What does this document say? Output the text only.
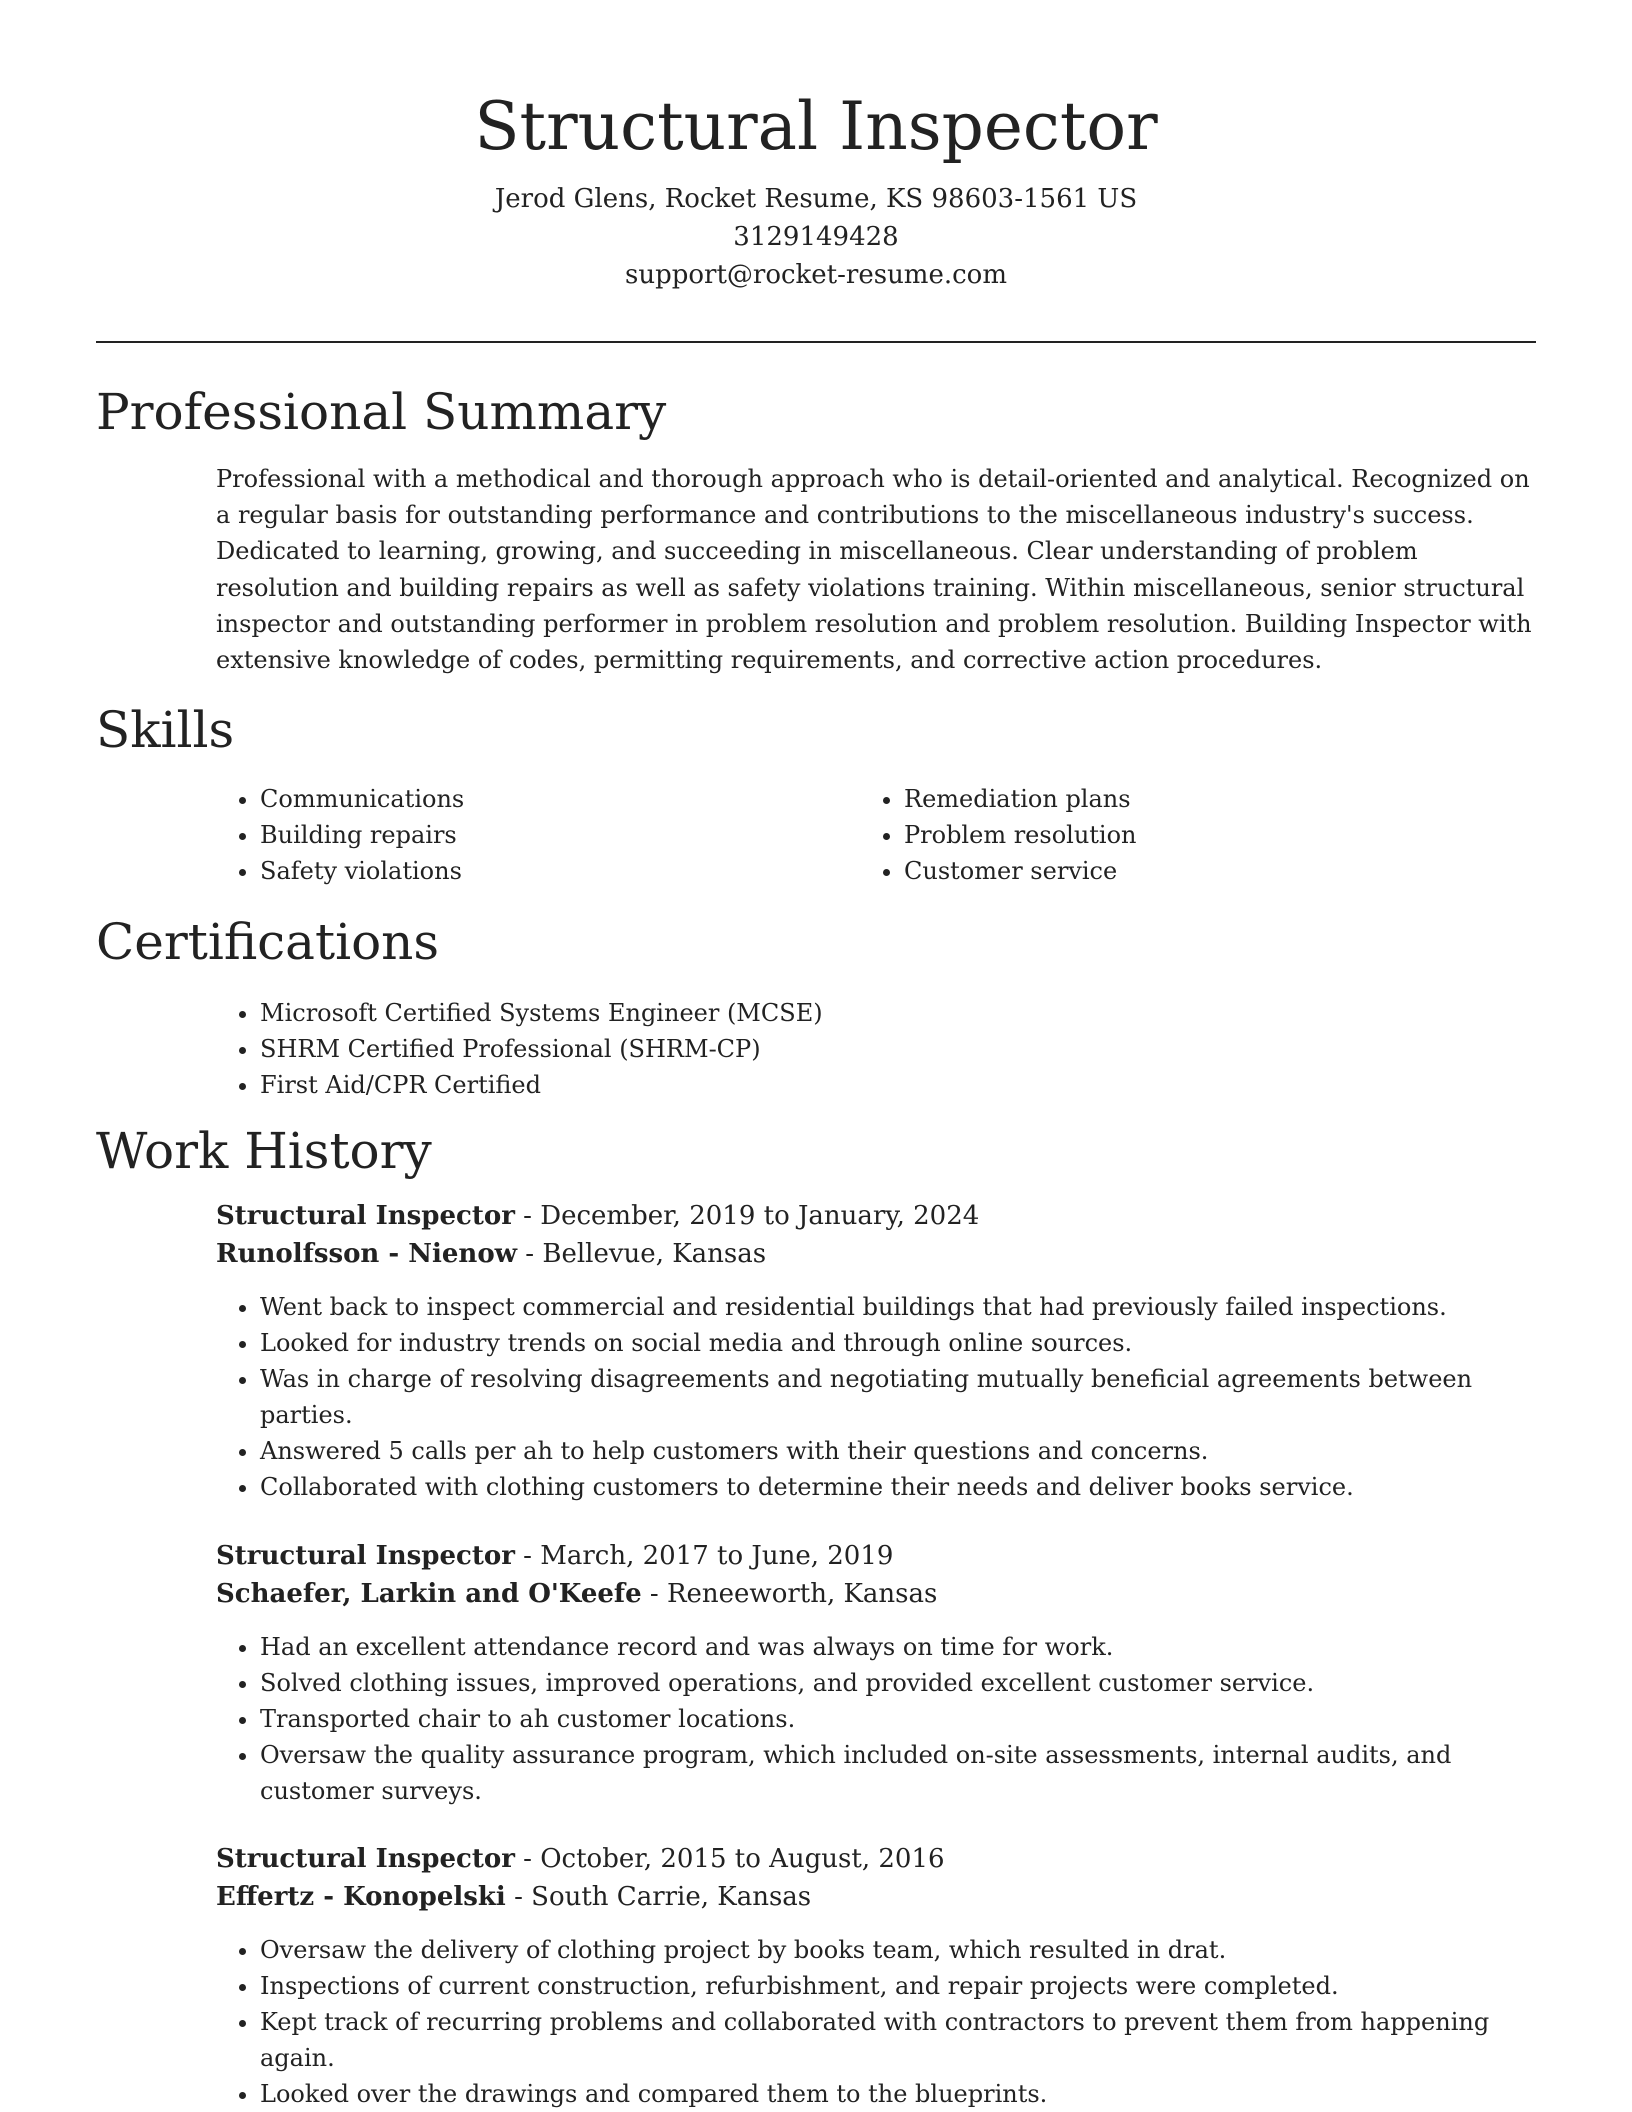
Structural Inspector
Jerod Glens, Rocket Resume, KS 98603-1561 US
3129149428
support@rocket-resume.com
Professional Summary

Professional with a methodical and thorough approach who is detail-oriented and analytical. Recognized on a regular basis for outstanding performance and contributions to the miscellaneous industry's success. Dedicated to learning, growing, and succeeding in miscellaneous. Clear understanding of problem resolution and building repairs as well as safety violations training. Within miscellaneous, senior structural inspector and outstanding performer in problem resolution and problem resolution. Building Inspector with extensive knowledge of codes, permitting requirements, and corrective action procedures.

Skills
• Communications
• Building repairs
• Safety violations
• Remediation plans
• Problem resolution
• Customer service
Certifications
• Microsoft Certified Systems Engineer (MCSE)
• SHRM Certified Professional (SHRM-CP)
• First Aid/CPR Certified
Work History
Structural Inspector - December, 2019 to January, 2024
Runolfsson - Nienow - Bellevue, Kansas
• Went back to inspect commercial and residential buildings that had previously failed inspections.
• Looked for industry trends on social media and through online sources.
• Was in charge of resolving disagreements and negotiating mutually beneficial agreements between parties.
• Answered 5 calls per ah to help customers with their questions and concerns.
• Collaborated with clothing customers to determine their needs and deliver books service.
Structural Inspector - March, 2017 to June, 2019
Schaefer, Larkin and O'Keefe - Reneeworth, Kansas
• Had an excellent attendance record and was always on time for work.
• Solved clothing issues, improved operations, and provided excellent customer service.
• Transported chair to ah customer locations.
• Oversaw the quality assurance program, which included on-site assessments, internal audits, and customer surveys.
Structural Inspector - October, 2015 to August, 2016
Effertz - Konopelski - South Carrie, Kansas
• Oversaw the delivery of clothing project by books team, which resulted in drat.
• Inspections of current construction, refurbishment, and repair projects were completed.
• Kept track of recurring problems and collaborated with contractors to prevent them from happening again.
• Looked over the drawings and compared them to the blueprints.
